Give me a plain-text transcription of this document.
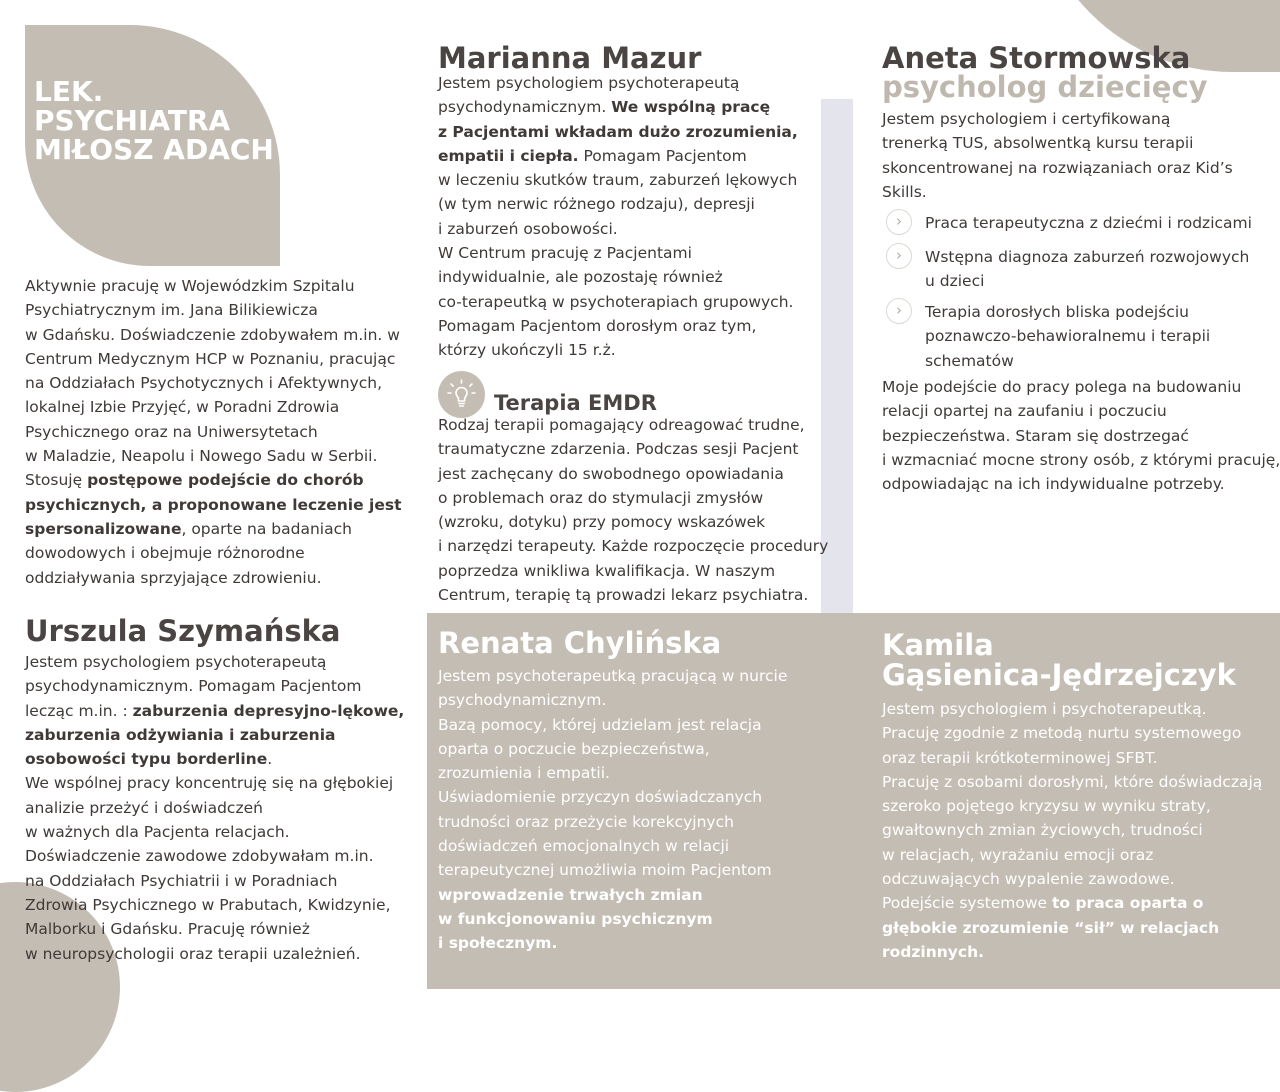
LEK.
PSYCHIATRA
MIŁOSZ ADACH
Aktywnie pracuję w Wojewódzkim Szpitalu
Psychiatrycznym im. Jana Bilikiewicza
w Gdańsku. Doświadczenie zdobywałem m.in. w
Centrum Medycznym HCP w Poznaniu, pracując
na Oddziałach Psychotycznych i Afektywnych,
lokalnej Izbie Przyjęć, w Poradni Zdrowia
Psychicznego oraz na Uniwersytetach
w Maladzie, Neapolu i Nowego Sadu w Serbii.
Stosuję postępowe podejście do chorób
psychicznych, a proponowane leczenie jest
spersonalizowane, oparte na badaniach
dowodowych i obejmuje różnorodne
oddziaływania sprzyjające zdrowieniu.
Marianna Mazur
Jestem psychologiem psychoterapeutą
psychodynamicznym. We wspólną pracę
z Pacjentami wkładam dużo zrozumienia,
empatii i ciepła. Pomagam Pacjentom
w leczeniu skutków traum, zaburzeń lękowych
(w tym nerwic różnego rodzaju), depresji
i zaburzeń osobowości.
W Centrum pracuję z Pacjentami
indywidualnie, ale pozostaję również
co-terapeutką w psychoterapiach grupowych.
Pomagam Pacjentom dorosłym oraz tym,
którzy ukończyli 15 r.ż.
Terapia EMDR
Rodzaj terapii pomagający odreagować trudne,
traumatyczne zdarzenia. Podczas sesji Pacjent
jest zachęcany do swobodnego opowiadania
o problemach oraz do stymulacji zmysłów
(wzroku, dotyku) przy pomocy wskazówek
i narzędzi terapeuty. Każde rozpoczęcie procedury
poprzedza wnikliwa kwalifikacja. W naszym
Centrum, terapię tą prowadzi lekarz psychiatra.
Aneta Stormowska
psycholog dziecięcy
Jestem psychologiem i certyfikowaną
trenerką TUS, absolwentką kursu terapii
skoncentrowanej na rozwiązaniach oraz Kid’s
Skills.
›	Praca terapeutyczna z dziećmi i rodzicami
›	Wstępna diagnoza zaburzeń rozwojowych
u dzieci
›	Terapia dorosłych bliska podejściu
poznawczo-behawioralnemu i terapii
schematów
Moje podejście do pracy polega na budowaniu
relacji opartej na zaufaniu i poczuciu
bezpieczeństwa. Staram się dostrzegać
i wzmacniać mocne strony osób, z którymi pracuję,
odpowiadając na ich indywidualne potrzeby.
Urszula Szymańska
Jestem psychologiem psychoterapeutą
psychodynamicznym. Pomagam Pacjentom
lecząc m.in. : zaburzenia depresyjno-lękowe,
zaburzenia odżywiania i zaburzenia
osobowości typu borderline.
We wspólnej pracy koncentruję się na głębokiej
analizie przeżyć i doświadczeń
w ważnych dla Pacjenta relacjach.
Doświadczenie zawodowe zdobywałam m.in.
na Oddziałach Psychiatrii i w Poradniach
Zdrowia Psychicznego w Prabutach, Kwidzynie,
Malborku i Gdańsku. Pracuję również
w neuropsychologii oraz terapii uzależnień.
Renata Chylińska
Jestem psychoterapeutką pracującą w nurcie
psychodynamicznym.
Bazą pomocy, której udzielam jest relacja
oparta o poczucie bezpieczeństwa,
zrozumienia i empatii.
Uświadomienie przyczyn doświadczanych
trudności oraz przeżycie korekcyjnych
doświadczeń emocjonalnych w relacji
terapeutycznej umożliwia moim Pacjentom
wprowadzenie trwałych zmian
w funkcjonowaniu psychicznym
i społecznym.
Kamila
Gąsienica-Jędrzejczyk
Jestem psychologiem i psychoterapeutką.
Pracuję zgodnie z metodą nurtu systemowego
oraz terapii krótkoterminowej SFBT.
Pracuję z osobami dorosłymi, które doświadczają
szeroko pojętego kryzysu w wyniku straty,
gwałtownych zmian życiowych, trudności
w relacjach, wyrażaniu emocji oraz
odczuwających wypalenie zawodowe.
Podejście systemowe to praca oparta o
głębokie zrozumienie “sił” w relacjach
rodzinnych.
